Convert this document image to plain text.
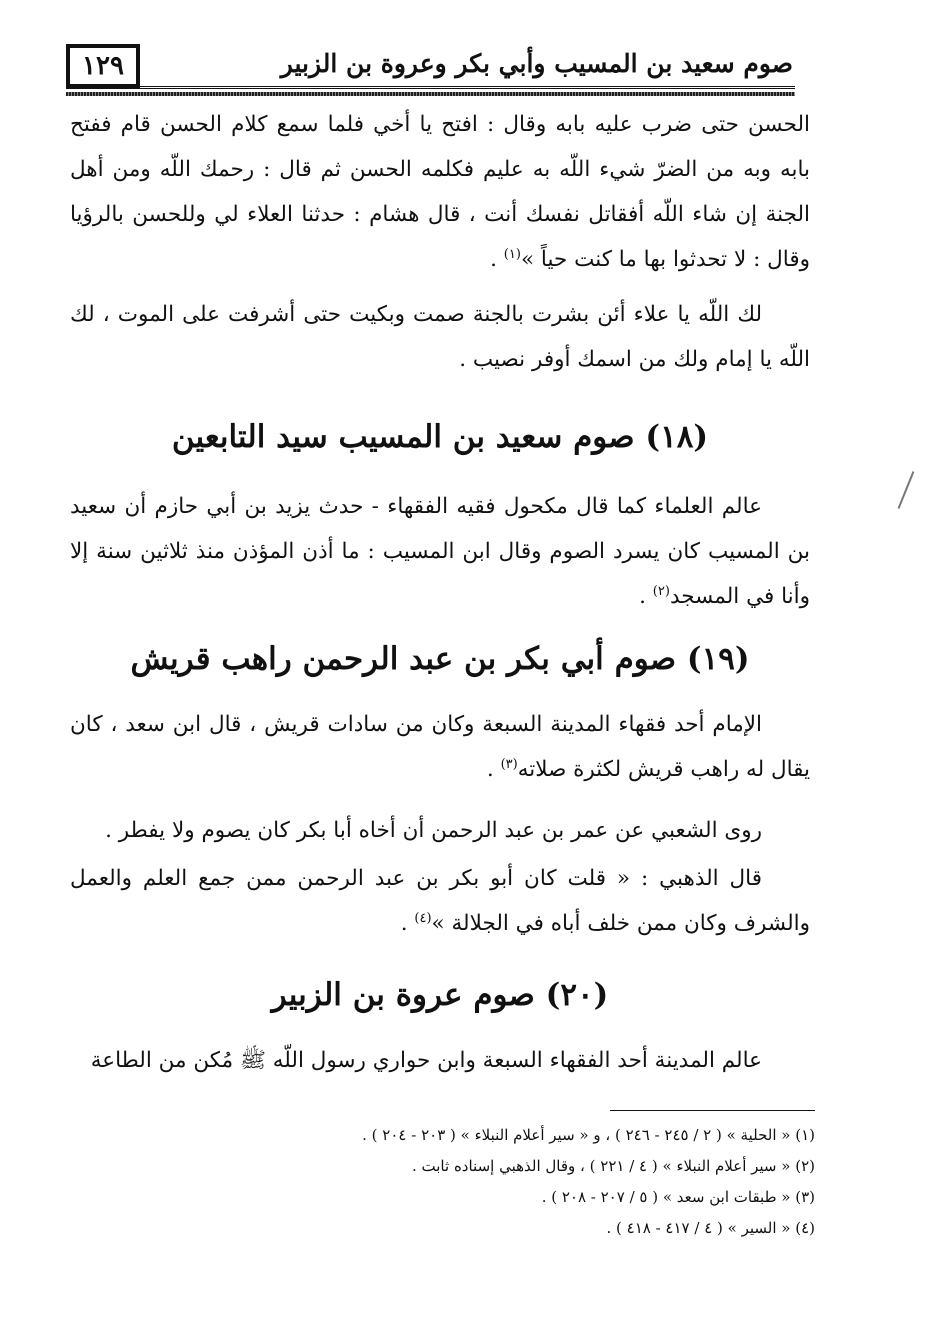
١٢٩	صوم سعيد بن المسيب وأبي بكر وعروة بن الزبير

الحسن حتى ضرب عليه بابه وقال : افتح يا أخي فلما سمع كلام الحسن قام ففتح بابه وبه من الضرّ شيء اللّه به عليم فكلمه الحسن ثم قال : رحمك اللّه ومن أهل الجنة إن شاء اللّه أفقاتل نفسك أنت ، قال هشام : حدثنا العلاء لي وللحسن بالرؤيا وقال : لا تحدثوا بها ما كنت حياً »$^{(١)}$ .

لك اللّه يا علاء أئن بشرت بالجنة صمت وبكيت حتى أشرفت على الموت ، لك اللّه يا إمام ولك من اسمك أوفر نصيب .

(١٨) صوم سعيد بن المسيب سيد التابعين

عالم العلماء كما قال مكحول فقيه الفقهاء - حدث يزيد بن أبي حازم أن سعيد بن المسيب كان يسرد الصوم وقال ابن المسيب : ما أذن المؤذن منذ ثلاثين سنة إلا وأنا في المسجد$^{(٢)}$ .

(١٩) صوم أبي بكر بن عبد الرحمن راهب قريش

الإمام أحد فقهاء المدينة السبعة وكان من سادات قريش ، قال ابن سعد ، كان يقال له راهب قريش لكثرة صلاته$^{(٣)}$ .

روى الشعبي عن عمر بن عبد الرحمن أن أخاه أبا بكر كان يصوم ولا يفطر .

قال الذهبي : « قلت كان أبو بكر بن عبد الرحمن ممن جمع العلم والعمل والشرف وكان ممن خلف أباه في الجلالة »$^{(٤)}$ .

(٢٠) صوم عروة بن الزبير

عالم المدينة أحد الفقهاء السبعة وابن حواري رسول اللّه ﷺ مُكن من الطاعة

(١) « الحلية » ( ٢ / ٢٤٥ - ٢٤٦ ) ، و « سير أعلام النبلاء » ( ٢٠٣ - ٢٠٤ ) .

(٢) « سير أعلام النبلاء » ( ٤ / ٢٢١ ) ، وقال الذهبي إسناده ثابت .

(٣) « طبقات ابن سعد » ( ٥ / ٢٠٧ - ٢٠٨ ) .

(٤) « السير » ( ٤ / ٤١٧ - ٤١٨ ) .
